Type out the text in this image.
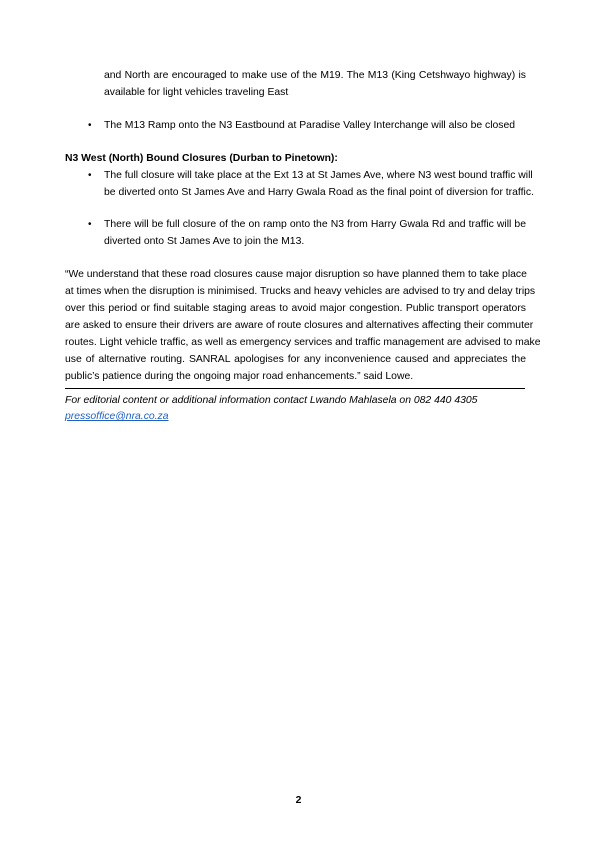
and North are encouraged to make use of the M19. The M13 (King Cetshwayo highway) is
available for light vehicles traveling East
• The M13 Ramp onto the N3 Eastbound at Paradise Valley Interchange will also be closed
N3 West (North) Bound Closures (Durban to Pinetown):
• The full closure will take place at the Ext 13 at St James Ave, where N3 west bound traffic will
be diverted onto St James Ave and Harry Gwala Road as the final point of diversion for traffic.
• There will be full closure of the on ramp onto the N3 from Harry Gwala Rd and traffic will be
diverted onto St James Ave to join the M13.
“We understand that these road closures cause major disruption so have planned them to take place
at times when the disruption is minimised. Trucks and heavy vehicles are advised to try and delay trips
over this period or find suitable staging areas to avoid major congestion. Public transport operators
are asked to ensure their drivers are aware of route closures and alternatives affecting their commuter
routes. Light vehicle traffic, as well as emergency services and traffic management are advised to make
use of alternative routing. SANRAL apologises for any inconvenience caused and appreciates the
public’s patience during the ongoing major road enhancements.” said Lowe.
For editorial content or additional information contact Lwando Mahlasela on 082 440 4305
pressoffice@nra.co.za
2
